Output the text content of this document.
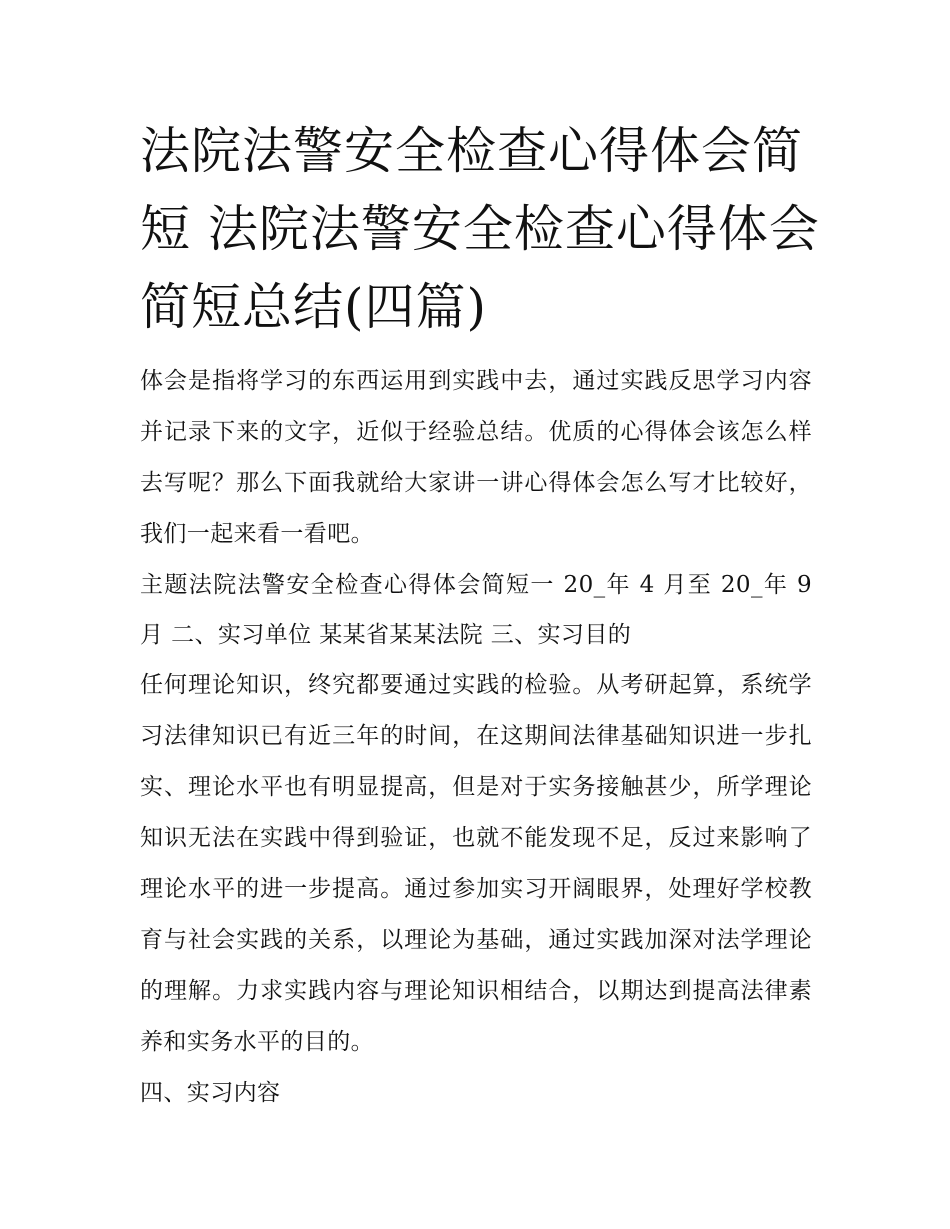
法院法警安全检查心得体会简短 法院法警安全检查心得体会简短总结(四篇)

体会是指将学习的东西运用到实践中去，通过实践反思学习内容并记录下来的文字，近似于经验总结。优质的心得体会该怎么样去写呢？那么下面我就给大家讲一讲心得体会怎么写才比较好，我们一起来看一看吧。

主题法院法警安全检查心得体会简短一 20_年 4 月至 20_年 9 月 二、实习单位 某某省某某法院 三、实习目的

任何理论知识，终究都要通过实践的检验。从考研起算，系统学习法律知识已有近三年的时间，在这期间法律基础知识进一步扎实、理论水平也有明显提高，但是对于实务接触甚少，所学理论知识无法在实践中得到验证，也就不能发现不足，反过来影响了理论水平的进一步提高。通过参加实习开阔眼界，处理好学校教育与社会实践的关系，以理论为基础，通过实践加深对法学理论的理解。力求实践内容与理论知识相结合，以期达到提高法律素养和实务水平的目的。

四、实习内容
